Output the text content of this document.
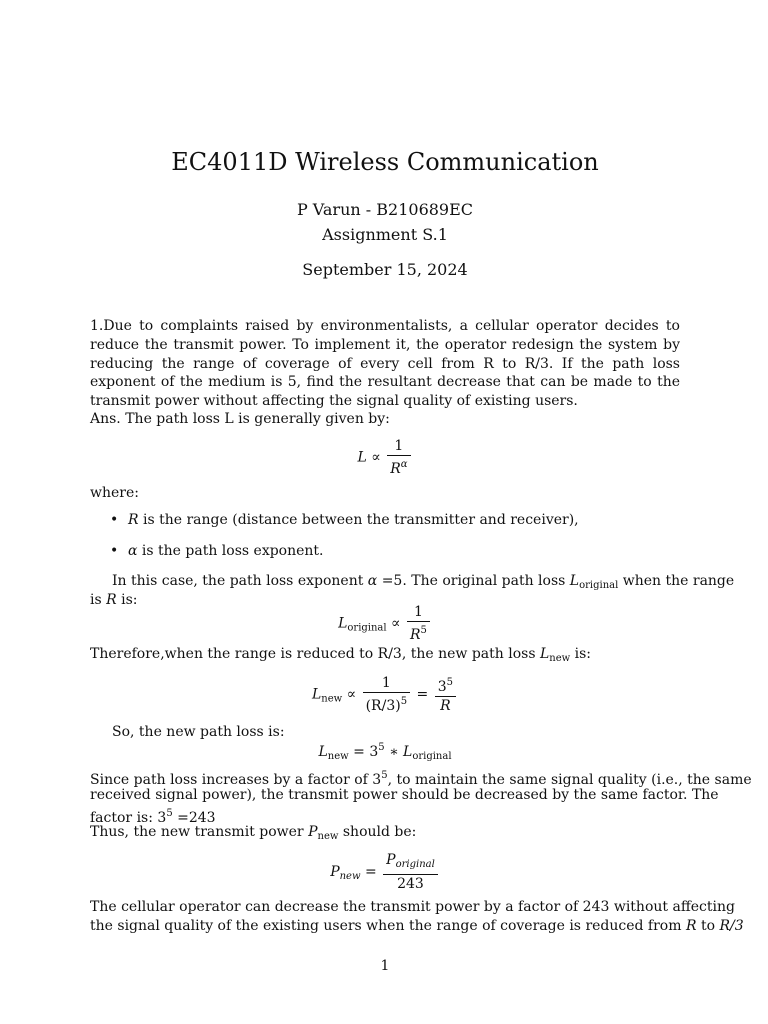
EC4011D Wireless Communication
P Varun - B210689EC
Assignment S.1
September 15, 2024
1.Due to complaints raised by environmentalists, a cellular operator decides to reduce the transmit power. To implement it, the operator redesign the system by reducing the range of coverage of every cell from R to R/3. If the path loss exponent of the medium is 5, find the resultant decrease that can be made to the transmit power without affecting the signal quality of existing users.
Ans. The path loss L is generally given by:
$L \propto \frac{1}{R^\alpha}$
where:
• R is the range (distance between the transmitter and receiver),
• α is the path loss exponent.
In this case, the path loss exponent α =5. The original path loss $L_{original}$ when the range
is R is:
$L_{original} \propto \frac{1}{R^5}$
Therefore,when the range is reduced to R/3, the new path loss $L_{new}$ is:
$L_{new} \propto \frac{1}{(R/3)^5} = \frac{3^5}{R}$
So, the new path loss is:
$L_{new} = 3^5$ ∗ $L_{original}$
Since path loss increases by a factor of $3^5$, to maintain the same signal quality (i.e., the same
received signal power), the transmit power should be decreased by the same factor. The
factor is: $3^5 =243$
Thus, the new transmit power $P_{new}$ should be:
$P_{new} = \frac{P_{original}}{243}$
The cellular operator can decrease the transmit power by a factor of 243 without affecting
the signal quality of the existing users when the range of coverage is reduced from R to R/3
1
